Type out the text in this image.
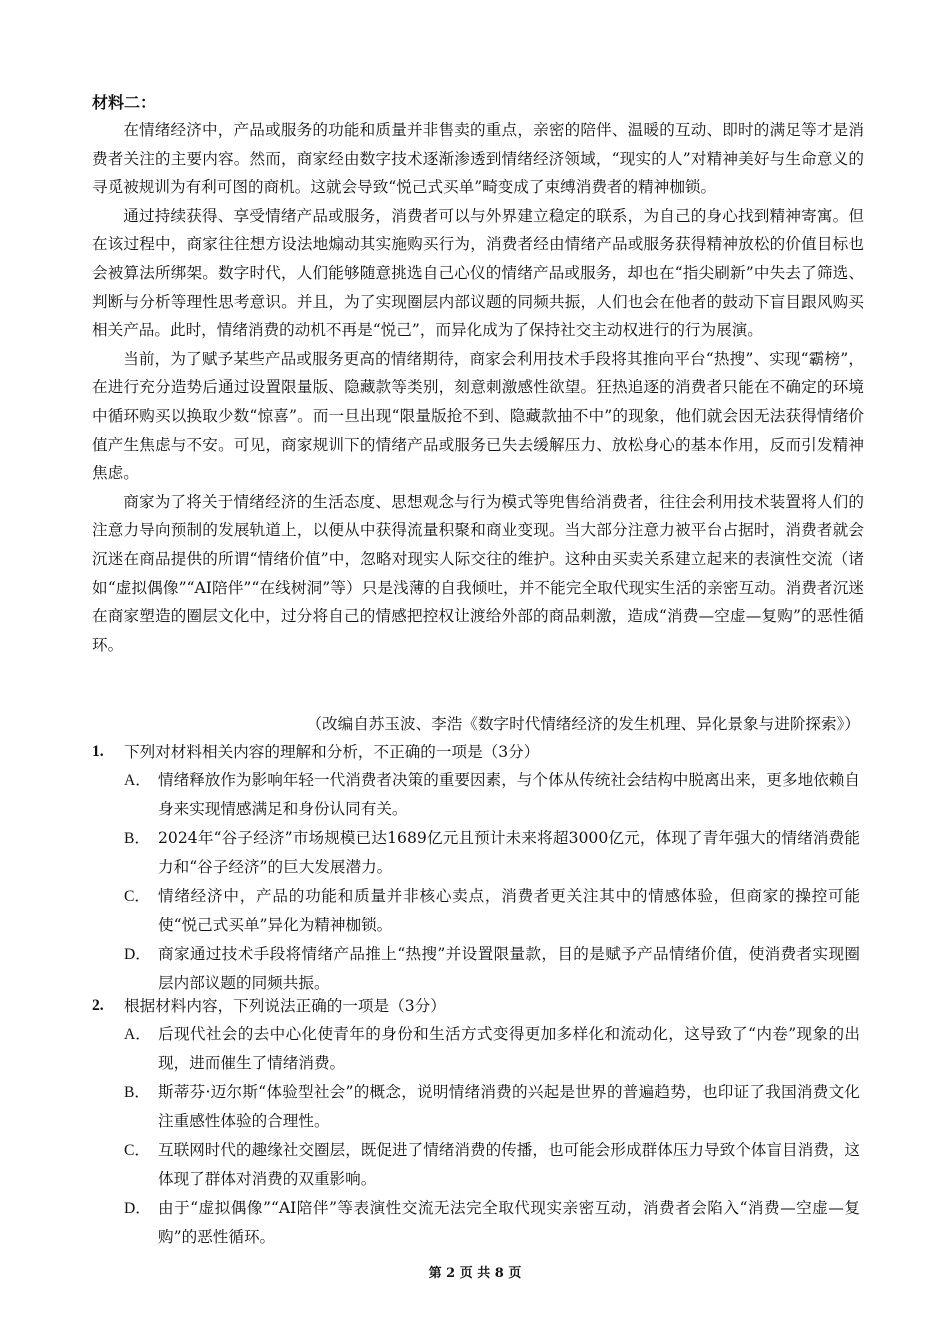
材料二：

在情绪经济中，产品或服务的功能和质量并非售卖的重点，亲密的陪伴、温暖的互动、即时的满足等才是消费者关注的主要内容。然而，商家经由数字技术逐渐渗透到情绪经济领域，“现实的人”对精神美好与生命意义的寻觅被规训为有利可图的商机。这就会导致“悦己式买单”畸变成了束缚消费者的精神枷锁。

通过持续获得、享受情绪产品或服务，消费者可以与外界建立稳定的联系，为自己的身心找到精神寄寓。但在该过程中，商家往往想方设法地煽动其实施购买行为，消费者经由情绪产品或服务获得精神放松的价值目标也会被算法所绑架。数字时代，人们能够随意挑选自己心仪的情绪产品或服务，却也在“指尖刷新”中失去了筛选、判断与分析等理性思考意识。并且，为了实现圈层内部议题的同频共振，人们也会在他者的鼓动下盲目跟风购买相关产品。此时，情绪消费的动机不再是“悦己”，而异化成为了保持社交主动权进行的行为展演。

当前，为了赋予某些产品或服务更高的情绪期待，商家会利用技术手段将其推向平台“热搜”、实现“霸榜”，在进行充分造势后通过设置限量版、隐藏款等类别，刻意刺激感性欲望。狂热追逐的消费者只能在不确定的环境中循环购买以换取少数“惊喜”。而一旦出现“限量版抢不到、隐藏款抽不中”的现象，他们就会因无法获得情绪价值产生焦虑与不安。可见，商家规训下的情绪产品或服务已失去缓解压力、放松身心的基本作用，反而引发精神焦虑。

商家为了将关于情绪经济的生活态度、思想观念与行为模式等兜售给消费者，往往会利用技术装置将人们的注意力导向预制的发展轨道上，以便从中获得流量积聚和商业变现。当大部分注意力被平台占据时，消费者就会沉迷在商品提供的所谓“情绪价值”中，忽略对现实人际交往的维护。这种由买卖关系建立起来的表演性交流（诸如“虚拟偶像”“AI陪伴”“在线树洞”等）只是浅薄的自我倾吐，并不能完全取代现实生活的亲密互动。消费者沉迷在商家塑造的圈层文化中，过分将自己的情感把控权让渡给外部的商品刺激，造成“消费—空虚—复购”的恶性循环。

（改编自苏玉波、李浩《数字时代情绪经济的发生机理、异化景象与进阶探索》）
1. 下列对材料相关内容的理解和分析，不正确的一项是（3分）
A． 情绪释放作为影响年轻一代消费者决策的重要因素，与个体从传统社会结构中脱离出来，更多地依赖自身来实现情感满足和身份认同有关。
B． 2024年“谷子经济”市场规模已达1689亿元且预计未来将超3000亿元，体现了青年强大的情绪消费能力和“谷子经济”的巨大发展潜力。
C． 情绪经济中，产品的功能和质量并非核心卖点，消费者更关注其中的情感体验，但商家的操控可能使“悦己式买单”异化为精神枷锁。
D． 商家通过技术手段将情绪产品推上“热搜”并设置限量款，目的是赋予产品情绪价值，使消费者实现圈层内部议题的同频共振。
2. 根据材料内容，下列说法正确的一项是（3分）
A． 后现代社会的去中心化使青年的身份和生活方式变得更加多样化和流动化，这导致了“内卷”现象的出现，进而催生了情绪消费。
B． 斯蒂芬·迈尔斯“体验型社会”的概念，说明情绪消费的兴起是世界的普遍趋势，也印证了我国消费文化注重感性体验的合理性。
C． 互联网时代的趣缘社交圈层，既促进了情绪消费的传播，也可能会形成群体压力导致个体盲目消费，这体现了群体对消费的双重影响。
D． 由于“虚拟偶像”“AI陪伴”等表演性交流无法完全取代现实亲密互动，消费者会陷入“消费—空虚—复购”的恶性循环。
第 2 页 共 8 页
